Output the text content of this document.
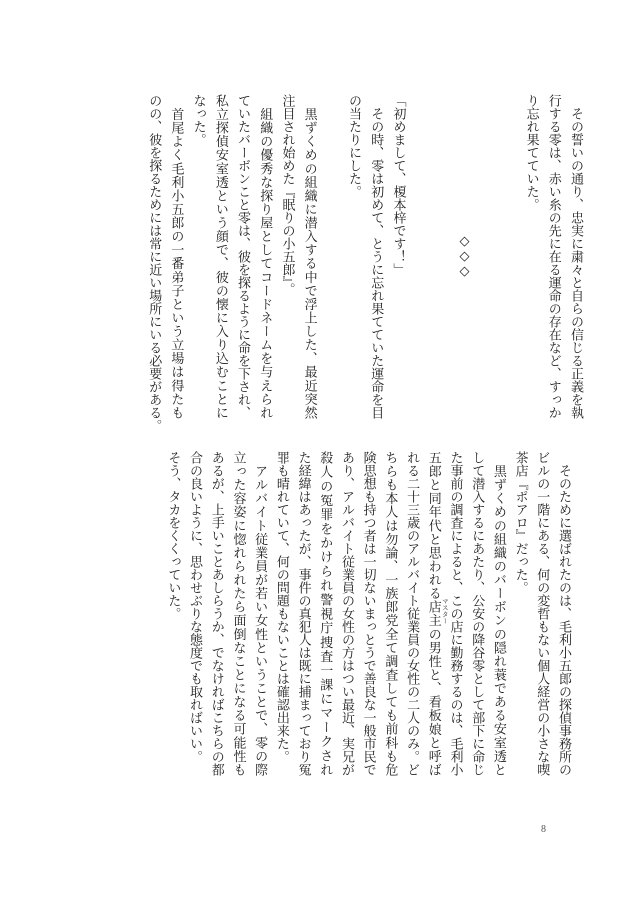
　その誓いの通り、忠実に粛々と自らの信じる正義を執
行する零は、赤い糸の先に在る運命の存在など、すっか
り忘れ果てていた。
◇◇◇
「初めまして、榎本梓です！」
　その時、零は初めて、とうに忘れ果てていた運命を目
の当たりにした。
　黒ずくめの組織に潜入する中で浮上した、最近突然
注目され始めた『眠りの小五郎』。
　組織の優秀な探り屋としてコードネームを与えられ
ていたバーボンこと零は、彼を探るように命を下され、
私立探偵安室透という顔で、彼の懐に入り込むことに
なった。
　首尾よく毛利小五郎の一番弟子という立場は得たも
のの、彼を探るためには常に近い場所にいる必要がある。
　そのために選ばれたのは、毛利小五郎の探偵事務所の
ビルの一階にある、何の変哲もない個人経営の小さな喫
茶店『ポアロ』だった。
　黒ずくめの組織のバーボンの隠れ蓑である安室透と
して潜入するにあたり、公安の降谷零として部下に命じ
た事前の調査によると、この店に勤務するのは、毛利小
五郎と同年代と思われる店主 マスター
の男性と、看板娘と呼ば
れる二十三歳のアルバイト従業員の女性の二人のみ。ど
ちらも本人は勿論、一族郎党全て調査しても前科も危
険思想も持つ者は一切ないまっとうで善良な一般市民で
あり、アルバイト従業員の女性の方はつい最近、実兄が
殺人の冤罪をかけられ警視庁捜査一課にマークされ
た経緯はあったが、事件の真犯人は既に捕まっており冤
罪も晴れていて、何の問題もないことは確認出来た。
　アルバイト従業員が若い女性ということで、零の際
立った容姿に惚れられたら面倒なことになる可能性も
あるが、上手いことあしらうか、でなければこちらの都
合の良いように、思わせぶりな態度でも取ればいい。
そう、タカをくくっていた。
8
